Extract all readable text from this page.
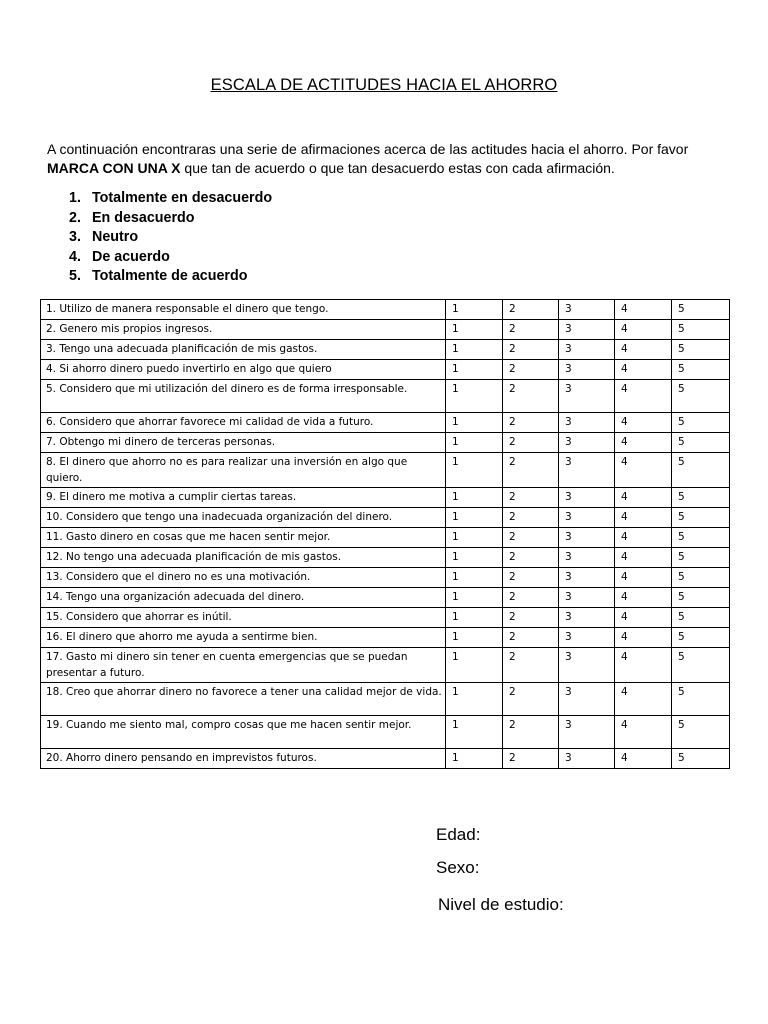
ESCALA DE ACTITUDES HACIA EL AHORRO
A continuación encontraras una serie de afirmaciones acerca de las actitudes hacia el ahorro. Por favor MARCA CON UNA X que tan de acuerdo o que tan desacuerdo estas con cada afirmación.
1. Totalmente en desacuerdo
2. En desacuerdo
3. Neutro
4. De acuerdo
5. Totalmente de acuerdo
1. Utilizo de manera responsable el dinero que tengo.	1	2	3	4	5
2. Genero mis propios ingresos.	1	2	3	4	5
3. Tengo una adecuada planificación de mis gastos.	1	2	3	4	5
4. Si ahorro dinero puedo invertirlo en algo que quiero	1	2	3	4	5
5. Considero que mi utilización del dinero es de forma irresponsable.	1	2	3	4	5
6. Considero que ahorrar favorece mi calidad de vida a futuro.	1	2	3	4	5
7. Obtengo mi dinero de terceras personas.	1	2	3	4	5
8. El dinero que ahorro no es para realizar una inversión en algo que quiero.	1	2	3	4	5
9. El dinero me motiva a cumplir ciertas tareas.	1	2	3	4	5
10. Considero que tengo una inadecuada organización del dinero.	1	2	3	4	5
11. Gasto dinero en cosas que me hacen sentir mejor.	1	2	3	4	5
12. No tengo una adecuada planificación de mis gastos.	1	2	3	4	5
13. Considero que el dinero no es una motivación.	1	2	3	4	5
14. Tengo una organización adecuada del dinero.	1	2	3	4	5
15. Considero que ahorrar es inútil.	1	2	3	4	5
16. El dinero que ahorro me ayuda a sentirme bien.	1	2	3	4	5
17. Gasto mi dinero sin tener en cuenta emergencias que se puedan presentar a futuro.	1	2	3	4	5
18. Creo que ahorrar dinero no favorece a tener una calidad mejor de vida.	1	2	3	4	5
19. Cuando me siento mal, compro cosas que me hacen sentir mejor.	1	2	3	4	5
20. Ahorro dinero pensando en imprevistos futuros.	1	2	3	4	5
Edad:
Sexo:
Nivel de estudio:
